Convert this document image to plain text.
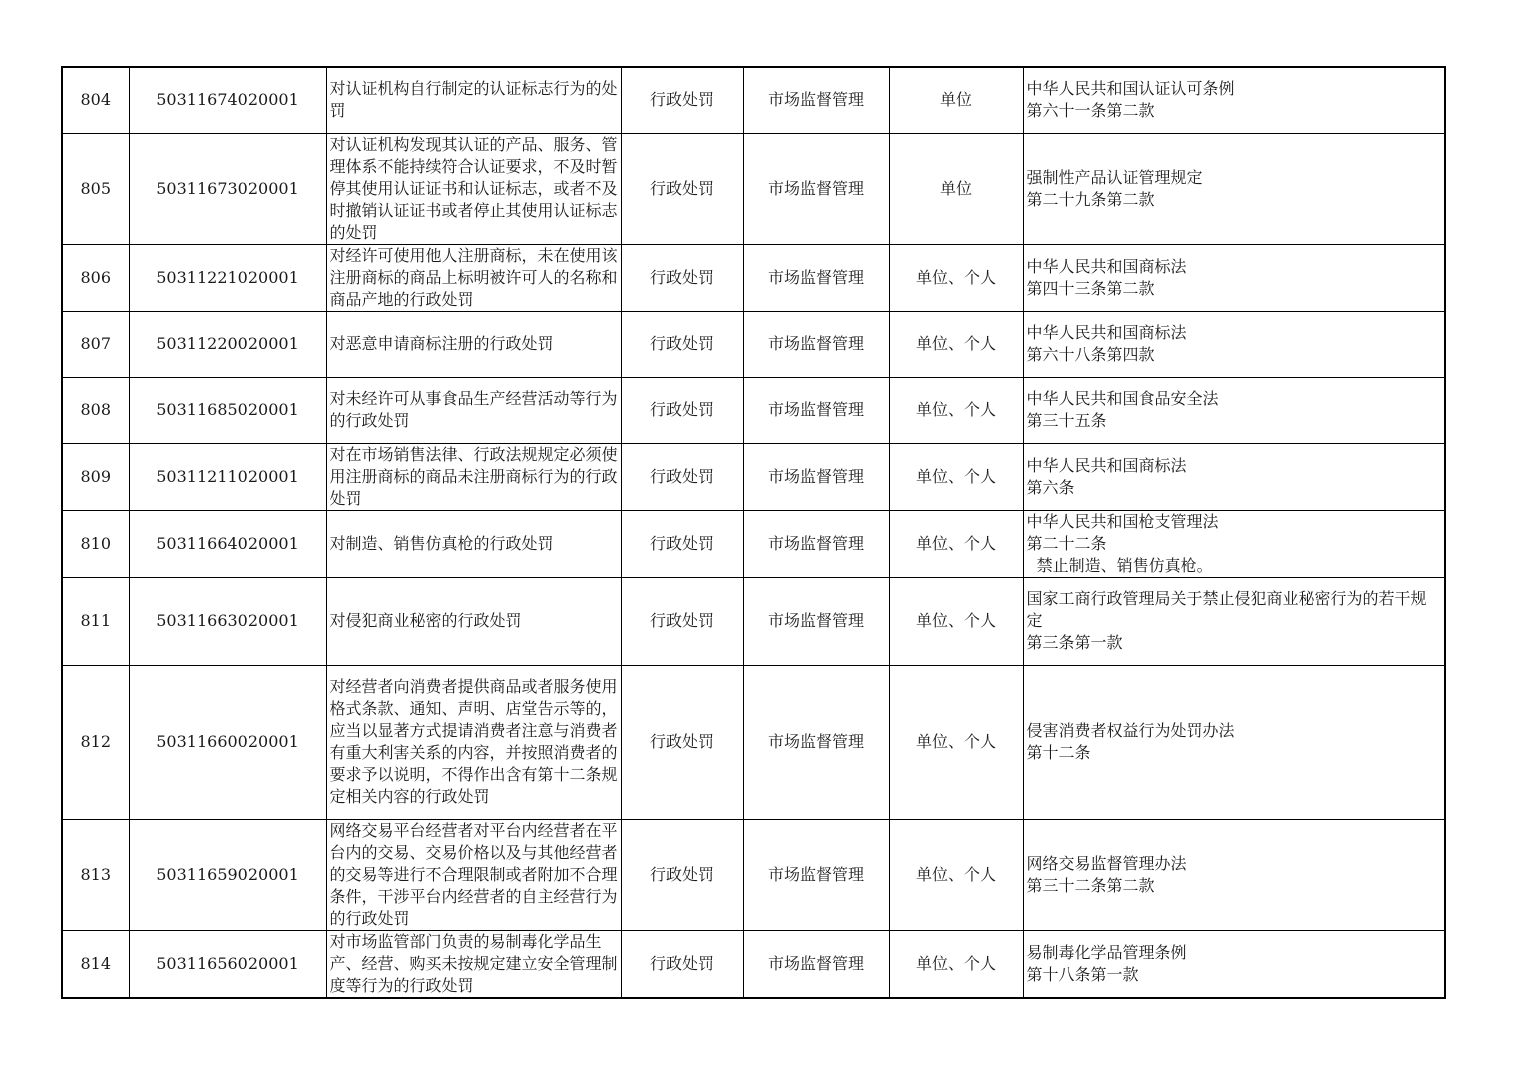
804	50311674020001	对认证机构自行制定的认证标志行为的处罚	行政处罚	市场监督管理	单位	中华人民共和国认证认可条例
第六十一条第二款

805	50311673020001	对认证机构发现其认证的产品、服务、管理体系不能持续符合认证要求，不及时暂停其使用认证证书和认证标志，或者不及时撤销认证证书或者停止其使用认证标志的处罚	行政处罚	市场监督管理	单位	强制性产品认证管理规定
第二十九条第二款

806	50311221020001	对经许可使用他人注册商标，未在使用该注册商标的商品上标明被许可人的名称和商品产地的行政处罚	行政处罚	市场监督管理	单位、个人	中华人民共和国商标法
第四十三条第二款

807	50311220020001	对恶意申请商标注册的行政处罚	行政处罚	市场监督管理	单位、个人	中华人民共和国商标法
第六十八条第四款

808	50311685020001	对未经许可从事食品生产经营活动等行为的行政处罚	行政处罚	市场监督管理	单位、个人	中华人民共和国食品安全法
第三十五条

809	50311211020001	对在市场销售法律、行政法规规定必须使用注册商标的商品未注册商标行为的行政处罚	行政处罚	市场监督管理	单位、个人	中华人民共和国商标法
第六条

810	50311664020001	对制造、销售仿真枪的行政处罚	行政处罚	市场监督管理	单位、个人	中华人民共和国枪支管理法
第二十二条
禁止制造、销售仿真枪。

811	50311663020001	对侵犯商业秘密的行政处罚	行政处罚	市场监督管理	单位、个人	国家工商行政管理局关于禁止侵犯商业秘密行为的若干规定
第三条第一款

812	50311660020001	对经营者向消费者提供商品或者服务使用格式条款、通知、声明、店堂告示等的，应当以显著方式提请消费者注意与消费者有重大利害关系的内容，并按照消费者的要求予以说明，不得作出含有第十二条规定相关内容的行政处罚	行政处罚	市场监督管理	单位、个人	侵害消费者权益行为处罚办法
第十二条

813	50311659020001	网络交易平台经营者对平台内经营者在平台内的交易、交易价格以及与其他经营者的交易等进行不合理限制或者附加不合理条件，干涉平台内经营者的自主经营行为的行政处罚	行政处罚	市场监督管理	单位、个人	网络交易监督管理办法
第三十二条第二款

814	50311656020001	对市场监管部门负责的易制毒化学品生产、经营、购买未按规定建立安全管理制度等行为的行政处罚	行政处罚	市场监督管理	单位、个人	易制毒化学品管理条例
第十八条第一款
